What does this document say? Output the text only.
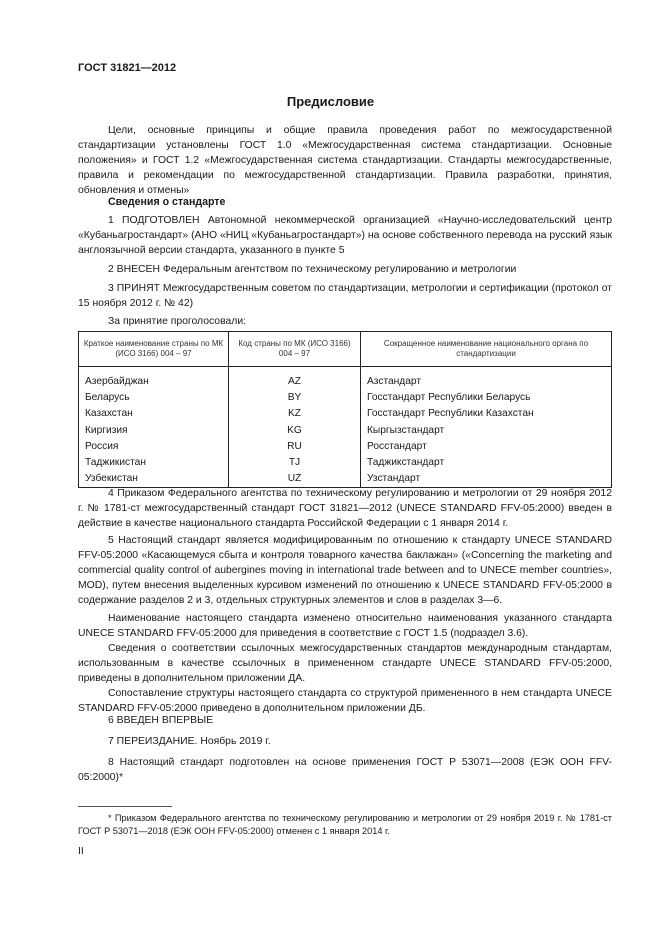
ГОСТ 31821—2012
Предисловие
Цели, основные принципы и общие правила проведения работ по межгосударственной стандартизации установлены ГОСТ 1.0 «Межгосударственная система стандартизации. Основные положения» и ГОСТ 1.2 «Межгосударственная система стандартизации. Стандарты межгосударственные, правила и рекомендации по межгосударственной стандартизации. Правила разработки, принятия, обновления и отмены»
Сведения о стандарте
1 ПОДГОТОВЛЕН Автономной некоммерческой организацией «Научно-исследовательский центр «Кубаньагростандарт» (АНО «НИЦ «Кубаньагростандарт») на основе собственного перевода на русский язык англоязычной версии стандарта, указанного в пункте 5
2 ВНЕСЕН Федеральным агентством по техническому регулированию и метрологии
3 ПРИНЯТ Межгосударственным советом по стандартизации, метрологии и сертификации (протокол от 15 ноября 2012 г. № 42)
За принятие проголосовали:
Краткое наименование страны по МК (ИСО 3166) 004 – 97	Код страны по МК (ИСО 3166) 004 – 97	Сокращенное наименование национального органа по стандартизации
Азербайджан	AZ	Азстандарт
Беларусь	BY	Госстандарт Республики Беларусь
Казахстан	KZ	Госстандарт Республики Казахстан
Киргизия	KG	Кыргызстандарт
Россия	RU	Росстандарт
Таджикистан	TJ	Таджикстандарт
Узбекистан	UZ	Узстандарт
4 Приказом Федерального агентства по техническому регулированию и метрологии от 29 ноября 2012 г. № 1781-ст межгосударственный стандарт ГОСТ 31821—2012 (UNECE STANDARD FFV-05:2000) введен в действие в качестве национального стандарта Российской Федерации с 1 января 2014 г.
5 Настоящий стандарт является модифицированным по отношению к стандарту UNECE STANDARD FFV-05:2000 «Касающемуся сбыта и контроля товарного качества баклажан» («Concerning the marketing and commercial quality control of aubergines moving in international trade between and to UNECE member countries», MOD), путем внесения выделенных курсивом изменений по отношению к UNECE STANDARD FFV-05:2000 в содержание разделов 2 и 3, отдельных структурных элементов и слов в разделах 3—6.
Наименование настоящего стандарта изменено относительно наименования указанного стандарта UNECE STANDARD FFV-05:2000 для приведения в соответствие с ГОСТ 1.5 (подраздел 3.6).
Сведения о соответствии ссылочных межгосударственных стандартов международным стандартам, использованным в качестве ссылочных в примененном стандарте UNECE STANDARD FFV-05:2000, приведены в дополнительном приложении ДА.
Сопоставление структуры настоящего стандарта со структурой примененного в нем стандарта UNECE STANDARD FFV-05:2000 приведено в дополнительном приложении ДБ.
6 ВВЕДЕН ВПЕРВЫЕ
7 ПЕРЕИЗДАНИЕ. Ноябрь 2019 г.
8 Настоящий стандарт подготовлен на основе применения ГОСТ Р 53071—2008 (ЕЭК ООН FFV-05:2000)*
* Приказом Федерального агентства по техническому регулированию и метрологии от 29 ноября 2019 г. № 1781-ст ГОСТ Р 53071—2018 (ЕЭК ООН FFV-05:2000) отменен с 1 января 2014 г.
II
